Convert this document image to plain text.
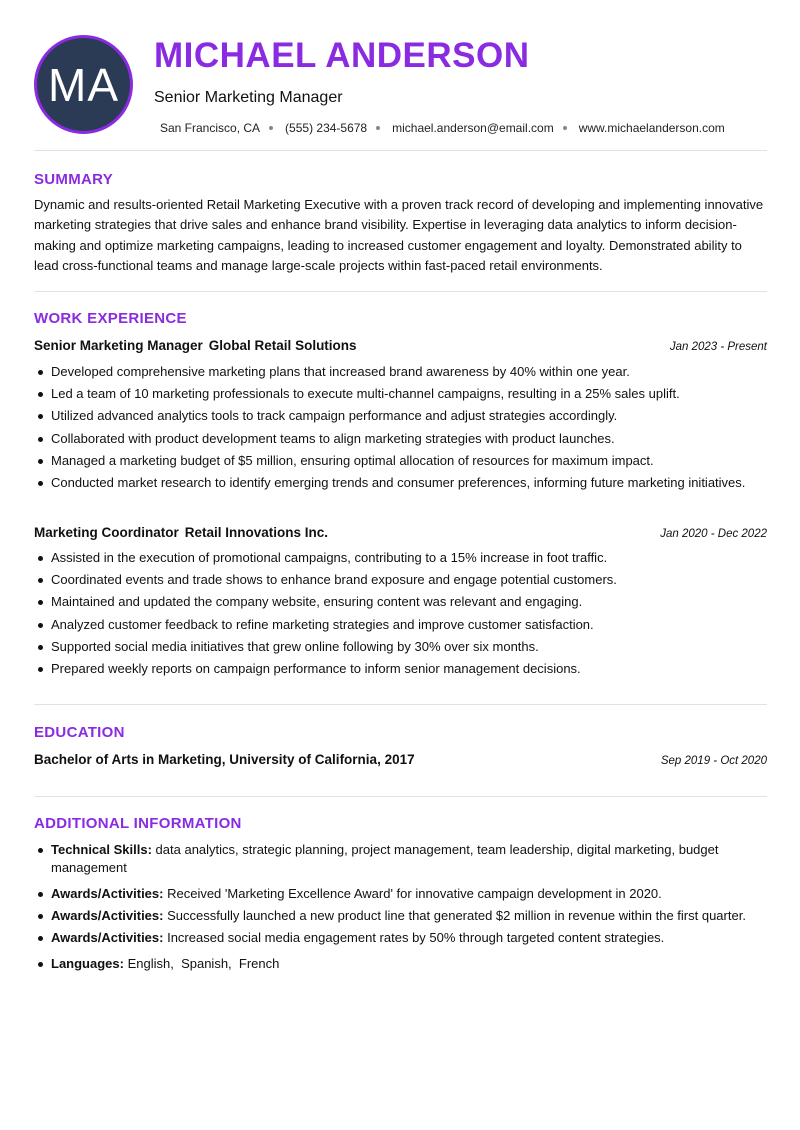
MA
MICHAEL ANDERSON
Senior Marketing Manager
San Francisco, CA (555) 234-5678 michael.anderson@email.com www.michaelanderson.com
SUMMARY

Dynamic and results-oriented Retail Marketing Executive with a proven track record of developing and implementing innovative marketing strategies that drive sales and enhance brand visibility. Expertise in leveraging data analytics to inform decision-making and optimize marketing campaigns, leading to increased customer engagement and loyalty. Demonstrated ability to lead cross-functional teams and manage large-scale projects within fast-paced retail environments.

WORK EXPERIENCE
Senior Marketing Manager Global Retail Solutions	Jan 2023 - Present
Developed comprehensive marketing plans that increased brand awareness by 40% within one year.
Led a team of 10 marketing professionals to execute multi-channel campaigns, resulting in a 25% sales uplift.
Utilized advanced analytics tools to track campaign performance and adjust strategies accordingly.
Collaborated with product development teams to align marketing strategies with product launches.
Managed a marketing budget of $5 million, ensuring optimal allocation of resources for maximum impact.
Conducted market research to identify emerging trends and consumer preferences, informing future marketing initiatives.
Marketing Coordinator Retail Innovations Inc.	Jan 2020 - Dec 2022
Assisted in the execution of promotional campaigns, contributing to a 15% increase in foot traffic.
Coordinated events and trade shows to enhance brand exposure and engage potential customers.
Maintained and updated the company website, ensuring content was relevant and engaging.
Analyzed customer feedback to refine marketing strategies and improve customer satisfaction.
Supported social media initiatives that grew online following by 30% over six months.
Prepared weekly reports on campaign performance to inform senior management decisions.
EDUCATION
Bachelor of Arts in Marketing, University of California, 2017	Sep 2019 - Oct 2020
ADDITIONAL INFORMATION
Technical Skills: data analytics, strategic planning, project management, team leadership, digital marketing, budget management
Awards/Activities: Received 'Marketing Excellence Award' for innovative campaign development in 2020.
Awards/Activities: Successfully launched a new product line that generated $2 million in revenue within the first quarter.
Awards/Activities: Increased social media engagement rates by 50% through targeted content strategies.
Languages: English,  Spanish,  French
